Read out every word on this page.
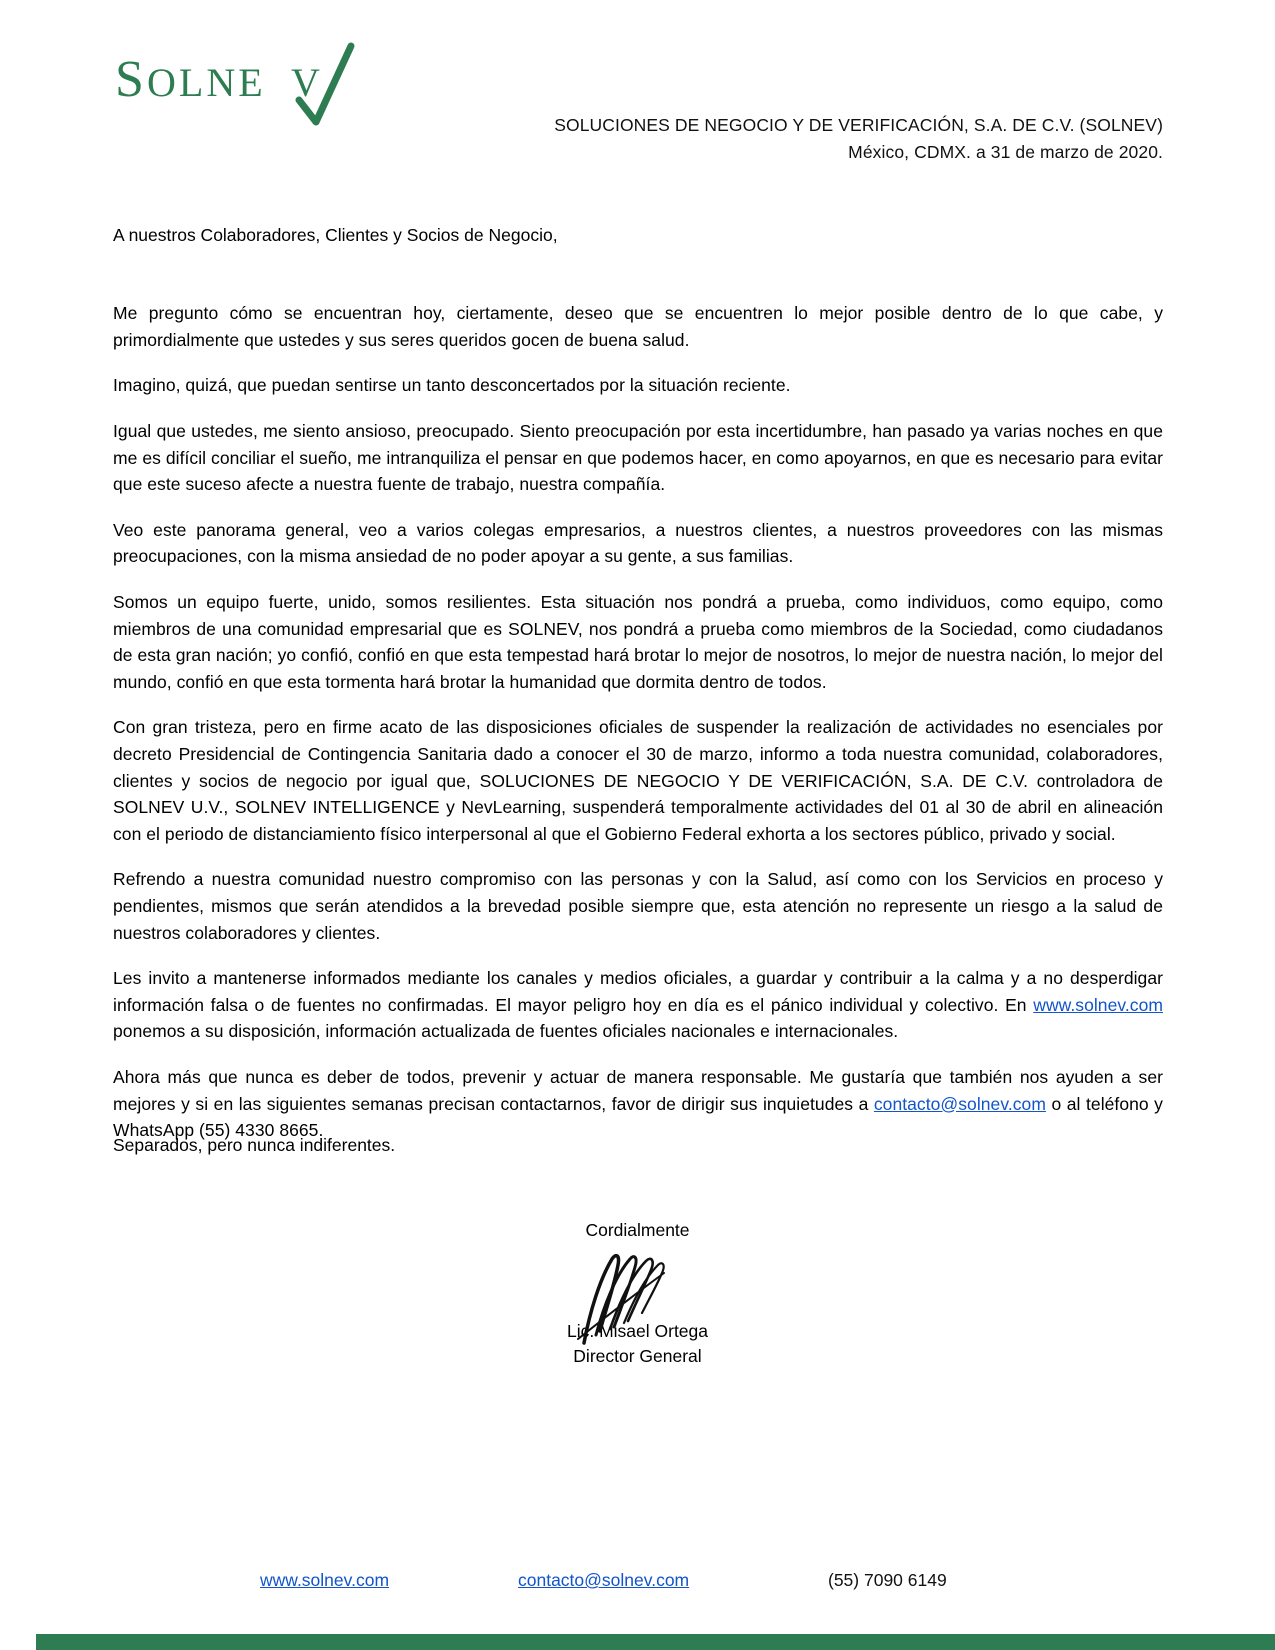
S OLNE V
SOLUCIONES DE NEGOCIO Y DE VERIFICACIÓN, S.A. DE C.V. (SOLNEV)
México, CDMX. a 31 de marzo de 2020.
A nuestros Colaboradores, Clientes y Socios de Negocio,

Me pregunto cómo se encuentran hoy, ciertamente, deseo que se encuentren lo mejor posible dentro de lo que cabe, y primordialmente que ustedes y sus seres queridos gocen de buena salud.

Imagino, quizá, que puedan sentirse un tanto desconcertados por la situación reciente.

Igual que ustedes, me siento ansioso, preocupado. Siento preocupación por esta incertidumbre, han pasado ya varias noches en que me es difícil conciliar el sueño, me intranquiliza el pensar en que podemos hacer, en como apoyarnos, en que es necesario para evitar que este suceso afecte a nuestra fuente de trabajo, nuestra compañía.

Veo este panorama general, veo a varios colegas empresarios, a nuestros clientes, a nuestros proveedores con las mismas preocupaciones, con la misma ansiedad de no poder apoyar a su gente, a sus familias.

Somos un equipo fuerte, unido, somos resilientes. Esta situación nos pondrá a prueba, como individuos, como equipo, como miembros de una comunidad empresarial que es SOLNEV, nos pondrá a prueba como miembros de la Sociedad, como ciudadanos de esta gran nación; yo confió, confió en que esta tempestad hará brotar lo mejor de nosotros, lo mejor de nuestra nación, lo mejor del mundo, confió en que esta tormenta hará brotar la humanidad que dormita dentro de todos.

Con gran tristeza, pero en firme acato de las disposiciones oficiales de suspender la realización de actividades no esenciales por decreto Presidencial de Contingencia Sanitaria dado a conocer el 30 de marzo, informo a toda nuestra comunidad, colaboradores, clientes y socios de negocio por igual que, SOLUCIONES DE NEGOCIO Y DE VERIFICACIÓN, S.A. DE C.V. controladora de SOLNEV U.V., SOLNEV INTELLIGENCE y NevLearning, suspenderá temporalmente actividades del 01 al 30 de abril en alineación con el periodo de distanciamiento físico interpersonal al que el Gobierno Federal exhorta a los sectores público, privado y social.

Refrendo a nuestra comunidad nuestro compromiso con las personas y con la Salud, así como con los Servicios en proceso y pendientes, mismos que serán atendidos a la brevedad posible siempre que, esta atención no represente un riesgo a la salud de nuestros colaboradores y clientes.

Les invito a mantenerse informados mediante los canales y medios oficiales, a guardar y contribuir a la calma y a no desperdigar información falsa o de fuentes no confirmadas. El mayor peligro hoy en día es el pánico individual y colectivo. En www.solnev.com ponemos a su disposición, información actualizada de fuentes oficiales nacionales e internacionales.

Ahora más que nunca es deber de todos, prevenir y actuar de manera responsable. Me gustaría que también nos ayuden a ser mejores y si en las siguientes semanas precisan contactarnos, favor de dirigir sus inquietudes a contacto@solnev.com o al teléfono y WhatsApp (55) 4330 8665.

Separados, pero nunca indiferentes.
Cordialmente
Lic. Misael Ortega
Director General
www.solnev.com	contacto@solnev.com	(55) 7090 6149
